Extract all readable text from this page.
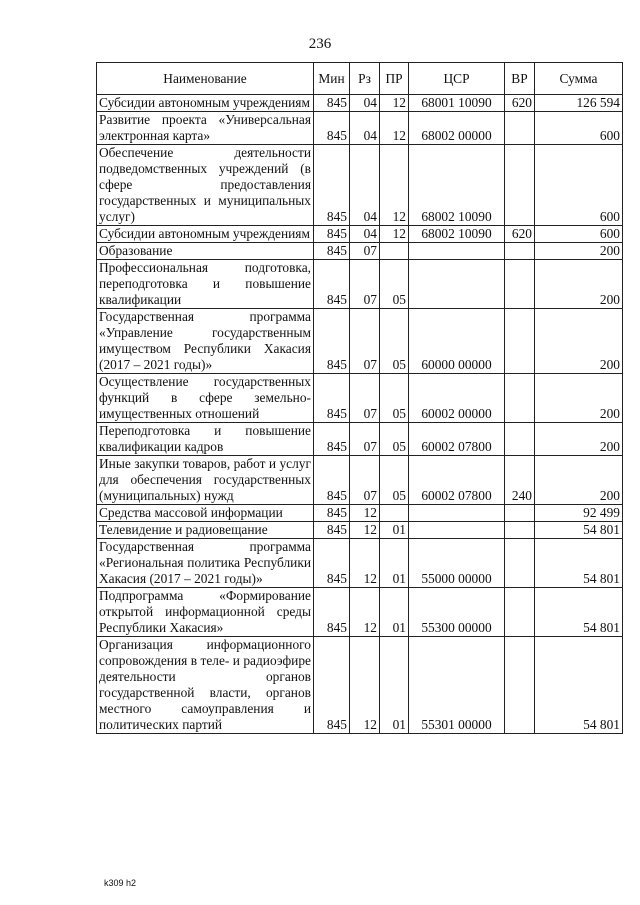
236
Наименование	Мин	Рз	ПР	ЦСР	ВР	Сумма
Субсидии автономным учреждениям	845	04	12	68001 10090	620	126 594
Развитие проекта «Универсальная электронная карта»	845	04	12	68002 00000		600
Обеспечение деятельности подведомственных учреждений (в сфере предоставления государственных и муниципальных услуг)	845	04	12	68002 10090		600
Субсидии автономным учреждениям	845	04	12	68002 10090	620	600
Образование	845	07				200
Профессиональная подготовка, переподготовка и повышение квалификации	845	07	05			200
Государственная программа «Управление государственным имуществом Республики Хакасия (2017 – 2021 годы)»	845	07	05	60000 00000		200
Осуществление государственных функций в сфере земельно-имущественных отношений	845	07	05	60002 00000		200
Переподготовка и повышение квалификации кадров	845	07	05	60002 07800		200
Иные закупки товаров, работ и услуг для обеспечения государственных (муниципальных) нужд	845	07	05	60002 07800	240	200
Средства массовой информации	845	12				92 499
Телевидение и радиовещание	845	12	01			54 801
Государственная программа «Региональная политика Республики Хакасия (2017 – 2021 годы)»	845	12	01	55000 00000		54 801
Подпрограмма «Формирование открытой информационной среды Республики Хакасия»	845	12	01	55300 00000		54 801
Организация информационного сопровождения в теле- и радиоэфире деятельности органов государственной власти, органов местного самоуправления и политических партий	845	12	01	55301 00000		54 801
k309 h2
